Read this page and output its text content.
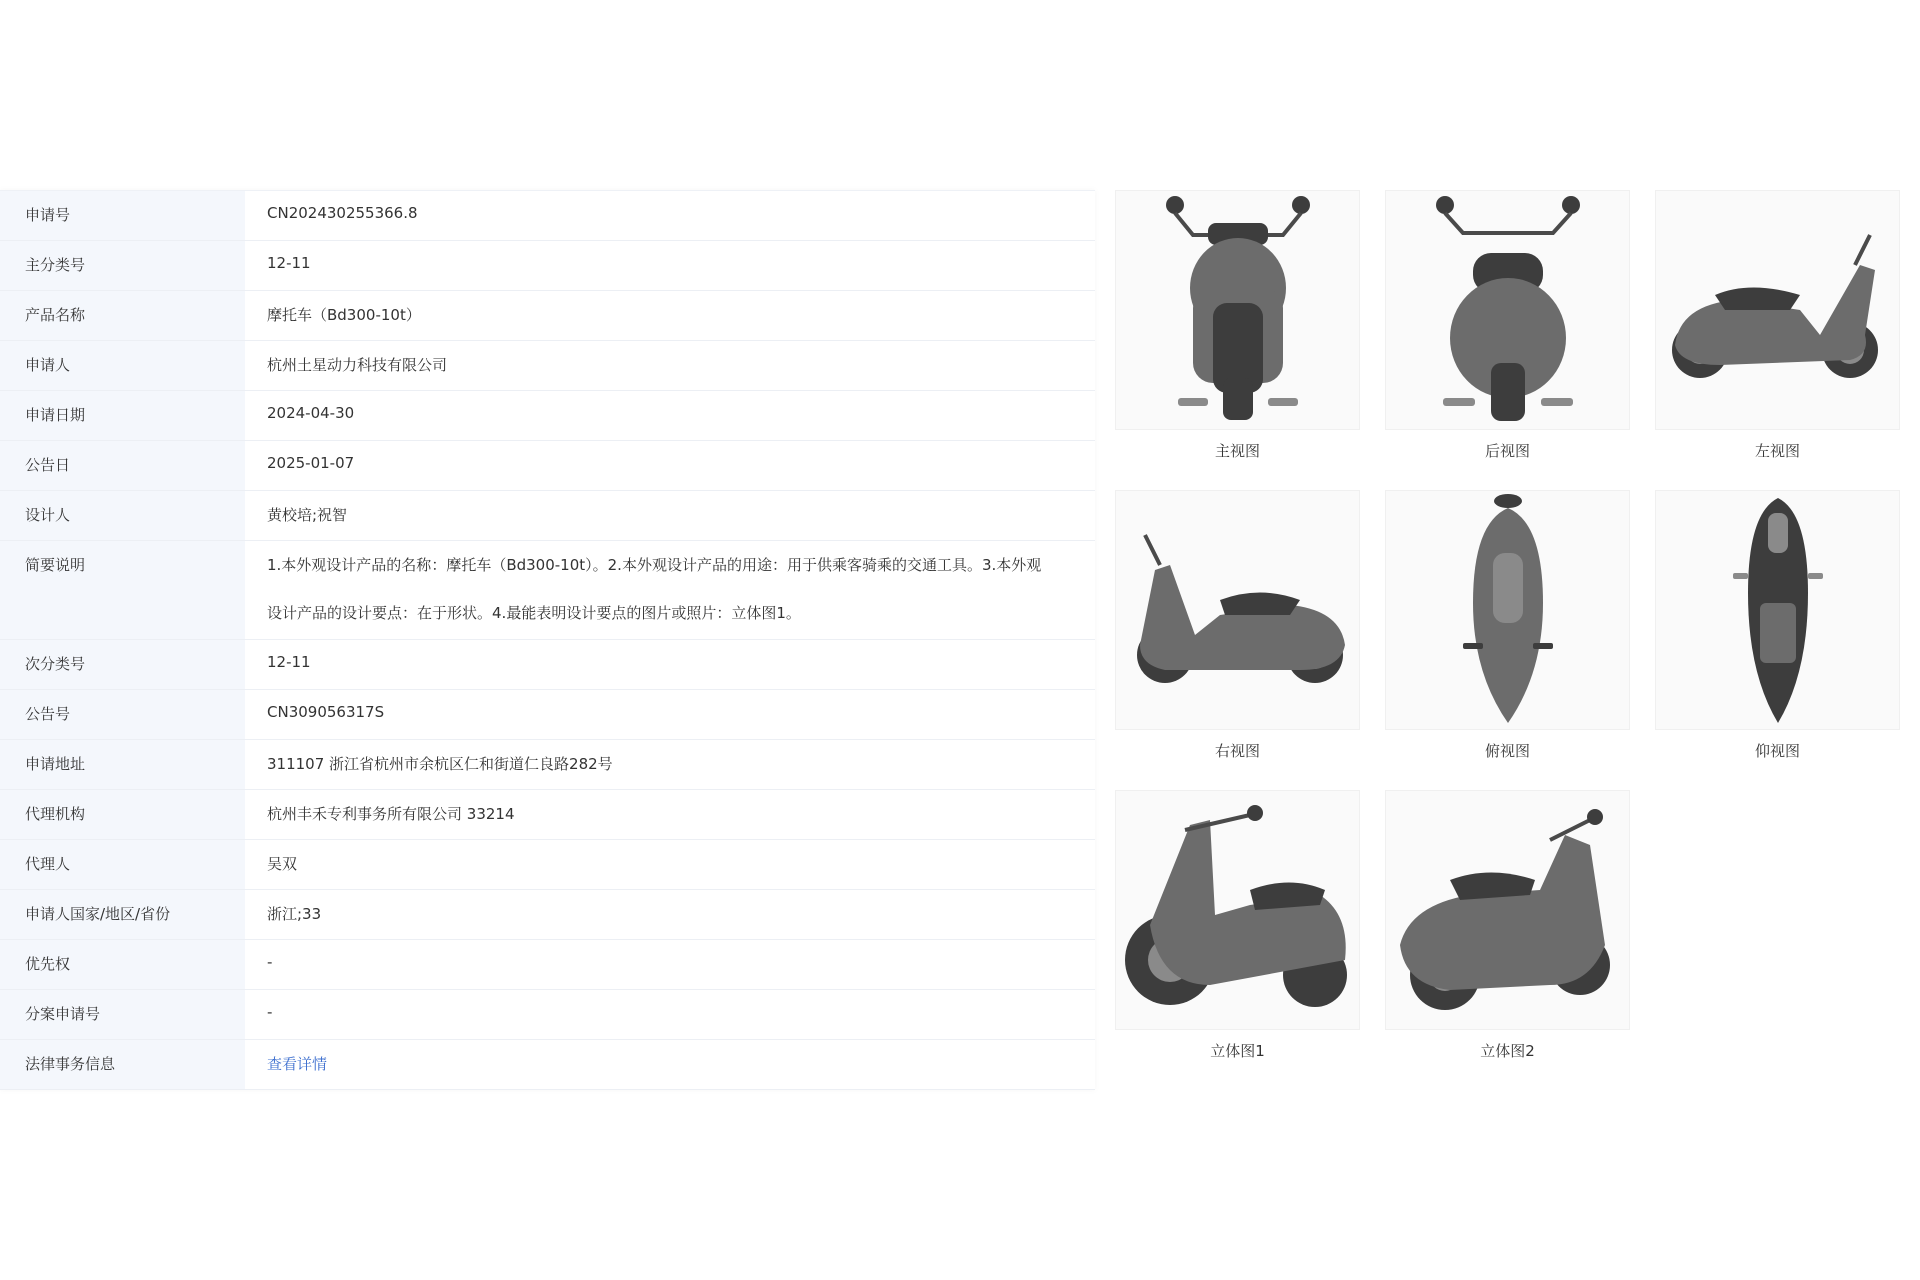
申请号	CN202430255366.8
主分类号	12-11
产品名称	摩托车（Bd300-10t）
申请人	杭州土星动力科技有限公司
申请日期	2024-04-30
公告日	2025-01-07
设计人	黄校培;祝智
简要说明	1.本外观设计产品的名称：摩托车（Bd300-10t）。2.本外观设计产品的用途：用于供乘客骑乘的交通工具。3.本外观设计产品的设计要点：在于形状。4.最能表明设计要点的图片或照片：立体图1。
次分类号	12-11
公告号	CN309056317S
申请地址	311107 浙江省杭州市余杭区仁和街道仁良路282号
代理机构	杭州丰禾专利事务所有限公司 33214
代理人	吴双
申请人国家/地区/省份	浙江;33
优先权	-
分案申请号	-
法律事务信息	查看详情
主视图	后视图	左视图
右视图	俯视图	仰视图
立体图1	立体图2
